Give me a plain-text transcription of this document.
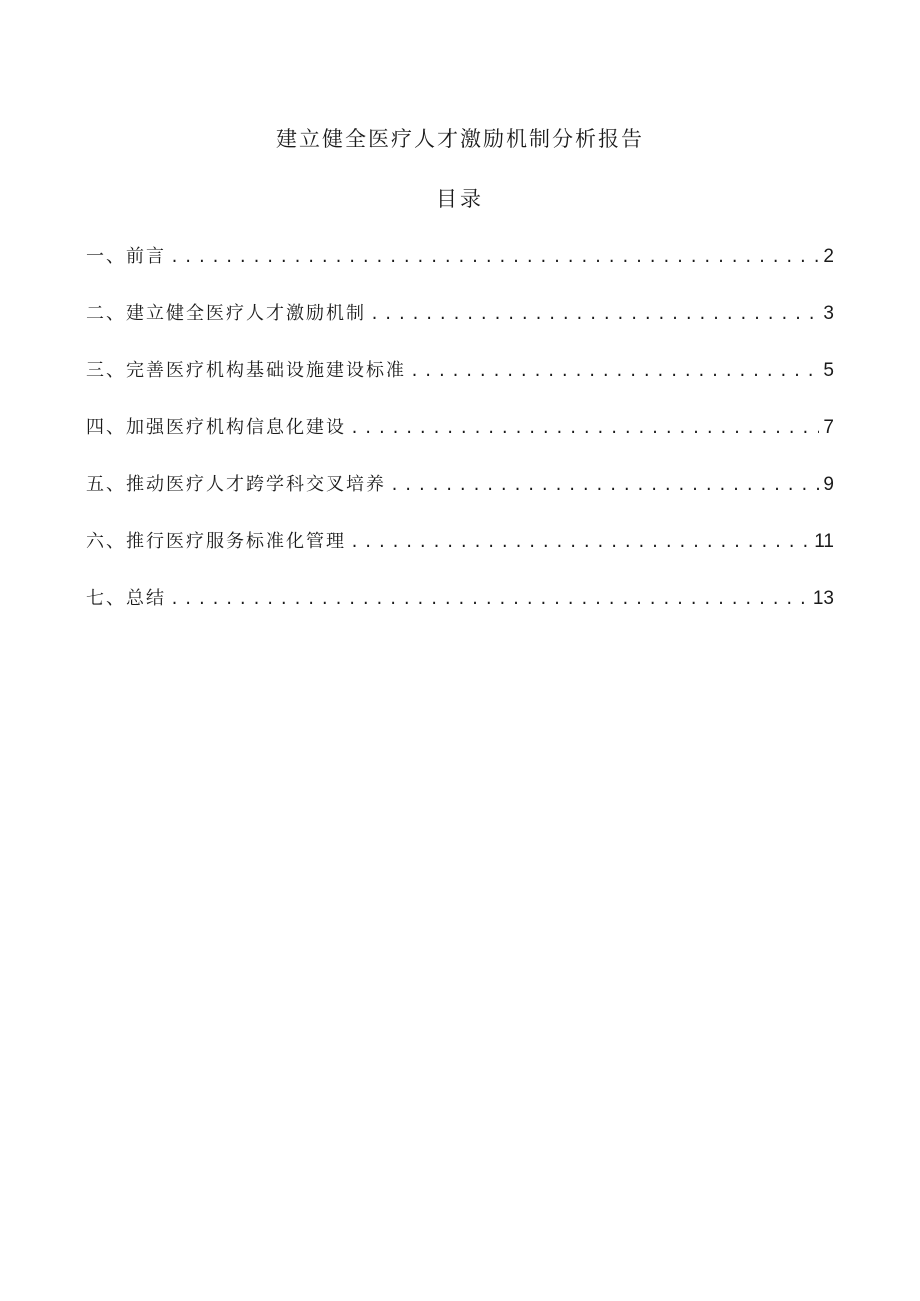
建立健全医疗人才激励机制分析报告
目录
一、前言 . . .	2
二、建立健全医疗人才激励机制 . . .	3
三、完善医疗机构基础设施建设标准 . . .	5
四、加强医疗机构信息化建设 . . .	7
五、推动医疗人才跨学科交叉培养 . . .	9
六、推行医疗服务标准化管理 . . .	11
七、总结 . . .	13
